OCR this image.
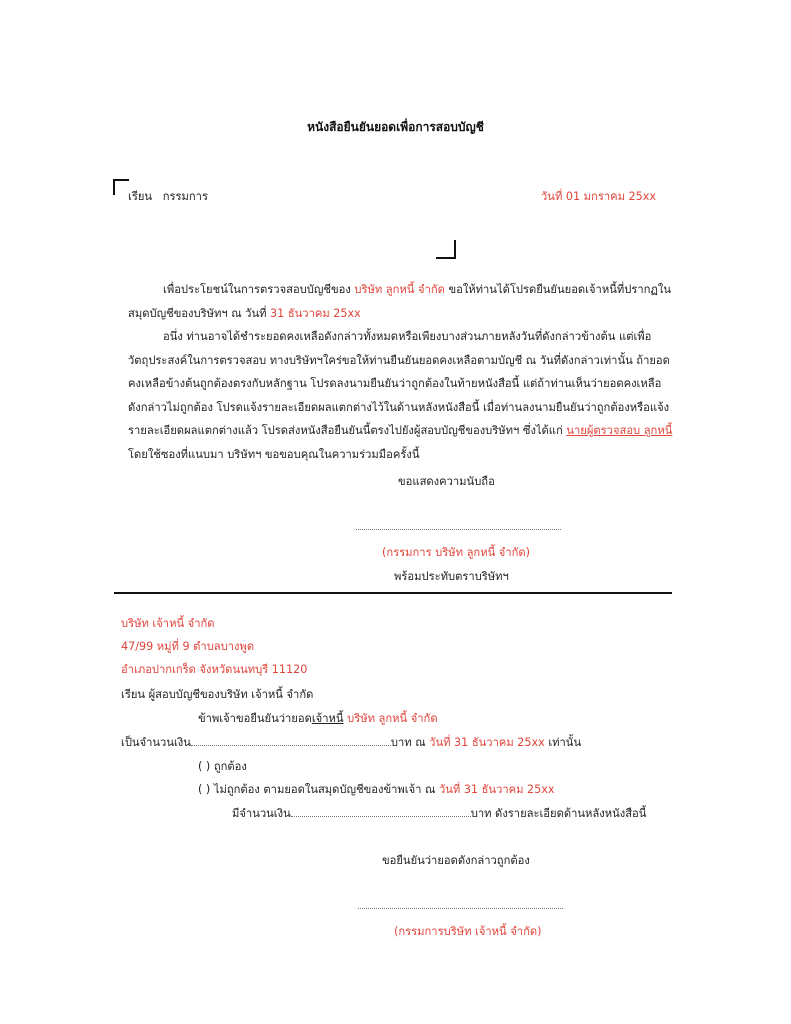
หนังสือยืนยันยอดเพื่อการสอบบัญชี
เรียน กรรมการ	วันที่ 01 มกราคม 25xx
เพื่อประโยชน์ในการตรวจสอบบัญชีของ บริษัท ลูกหนี้ จำกัด ขอให้ท่านได้โปรดยืนยันยอดเจ้าหนี้ที่ปรากฏใน
สมุดบัญชีของบริษัทฯ ณ วันที่ 31 ธันวาคม 25xx
อนึ่ง ท่านอาจได้ชำระยอดคงเหลือดังกล่าวทั้งหมดหรือเพียงบางส่วนภายหลังวันที่ดังกล่าวข้างต้น แต่เพื่อ
วัตถุประสงค์ในการตรวจสอบ ทางบริษัทฯใคร่ขอให้ท่านยืนยันยอดคงเหลือตามบัญชี ณ วันที่ดังกล่าวเท่านั้น ถ้ายอด
คงเหลือข้างต้นถูกต้องตรงกับหลักฐาน โปรดลงนามยืนยันว่าถูกต้องในท้ายหนังสือนี้ แต่ถ้าท่านเห็นว่ายอดคงเหลือ
ดังกล่าวไม่ถูกต้อง โปรดแจ้งรายละเอียดผลแตกต่างไว้ในด้านหลังหนังสือนี้ เมื่อท่านลงนามยืนยันว่าถูกต้องหรือแจ้ง
รายละเอียดผลแตกต่างแล้ว โปรดส่งหนังสือยืนยันนี้ตรงไปยังผู้สอบบัญชีของบริษัทฯ ซึ่งได้แก่ นายผู้ตรวจสอบ ลูกหนี้
โดยใช้ซองที่แนบมา บริษัทฯ ขอขอบคุณในความร่วมมือครั้งนี้
ขอแสดงความนับถือ
(กรรมการ บริษัท ลูกหนี้ จำกัด)
พร้อมประทับตราบริษัทฯ
บริษัท เจ้าหนี้ จำกัด
47/99 หมู่ที่ 9 ตำบลบางพูด
อำเภอปากเกร็ด จังหวัดนนทบุรี 11120
เรียน ผู้สอบบัญชีของบริษัท เจ้าหนี้ จำกัด
ข้าพเจ้าขอยืนยันว่ายอดเจ้าหนี้ บริษัท ลูกหนี้ จำกัด
เป็นจำนวนเงิน	บาท ณ วันที่ 31 ธันวาคม 25xx เท่านั้น
( ) ถูกต้อง
( ) ไม่ถูกต้อง ตามยอดในสมุดบัญชีของข้าพเจ้า ณ วันที่ 31 ธันวาคม 25xx
มีจำนวนเงิน	บาท ดังรายละเอียดด้านหลังหนังสือนี้
ขอยืนยันว่ายอดดังกล่าวถูกต้อง
(กรรมการบริษัท เจ้าหนี้ จำกัด)
